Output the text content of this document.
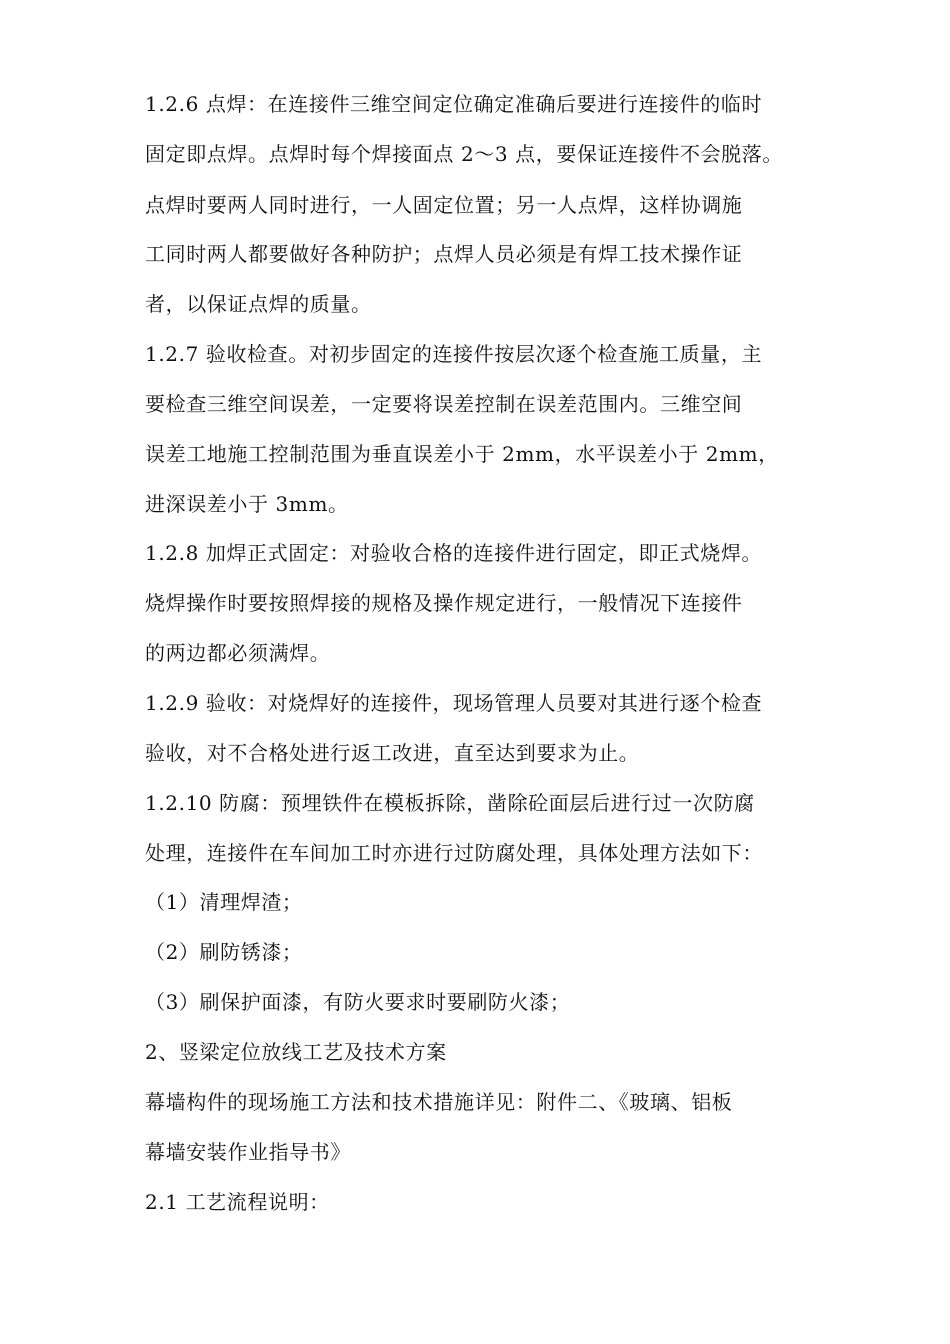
1.2.6 点焊：在连接件三维空间定位确定准确后要进行连接件的临时
固定即点焊。点焊时每个焊接面点 2～3 点，要保证连接件不会脱落。
点焊时要两人同时进行，一人固定位置；另一人点焊，这样协调施
工同时两人都要做好各种防护；点焊人员必须是有焊工技术操作证
者，以保证点焊的质量。
1.2.7 验收检查。对初步固定的连接件按层次逐个检查施工质量，主
要检查三维空间误差，一定要将误差控制在误差范围内。三维空间
误差工地施工控制范围为垂直误差小于 2mm，水平误差小于 2mm，
进深误差小于 3mm。
1.2.8 加焊正式固定：对验收合格的连接件进行固定，即正式烧焊。
烧焊操作时要按照焊接的规格及操作规定进行，一般情况下连接件
的两边都必须满焊。
1.2.9 验收：对烧焊好的连接件，现场管理人员要对其进行逐个检查
验收，对不合格处进行返工改进，直至达到要求为止。
1.2.10 防腐：预埋铁件在模板拆除，凿除砼面层后进行过一次防腐
处理，连接件在车间加工时亦进行过防腐处理，具体处理方法如下：
（1）清理焊渣；
（2）刷防锈漆；
（3）刷保护面漆，有防火要求时要刷防火漆；
2、竖梁定位放线工艺及技术方案
幕墙构件的现场施工方法和技术措施详见：附件二、《玻璃、铝板
幕墙安装作业指导书》
2.1 工艺流程说明：
